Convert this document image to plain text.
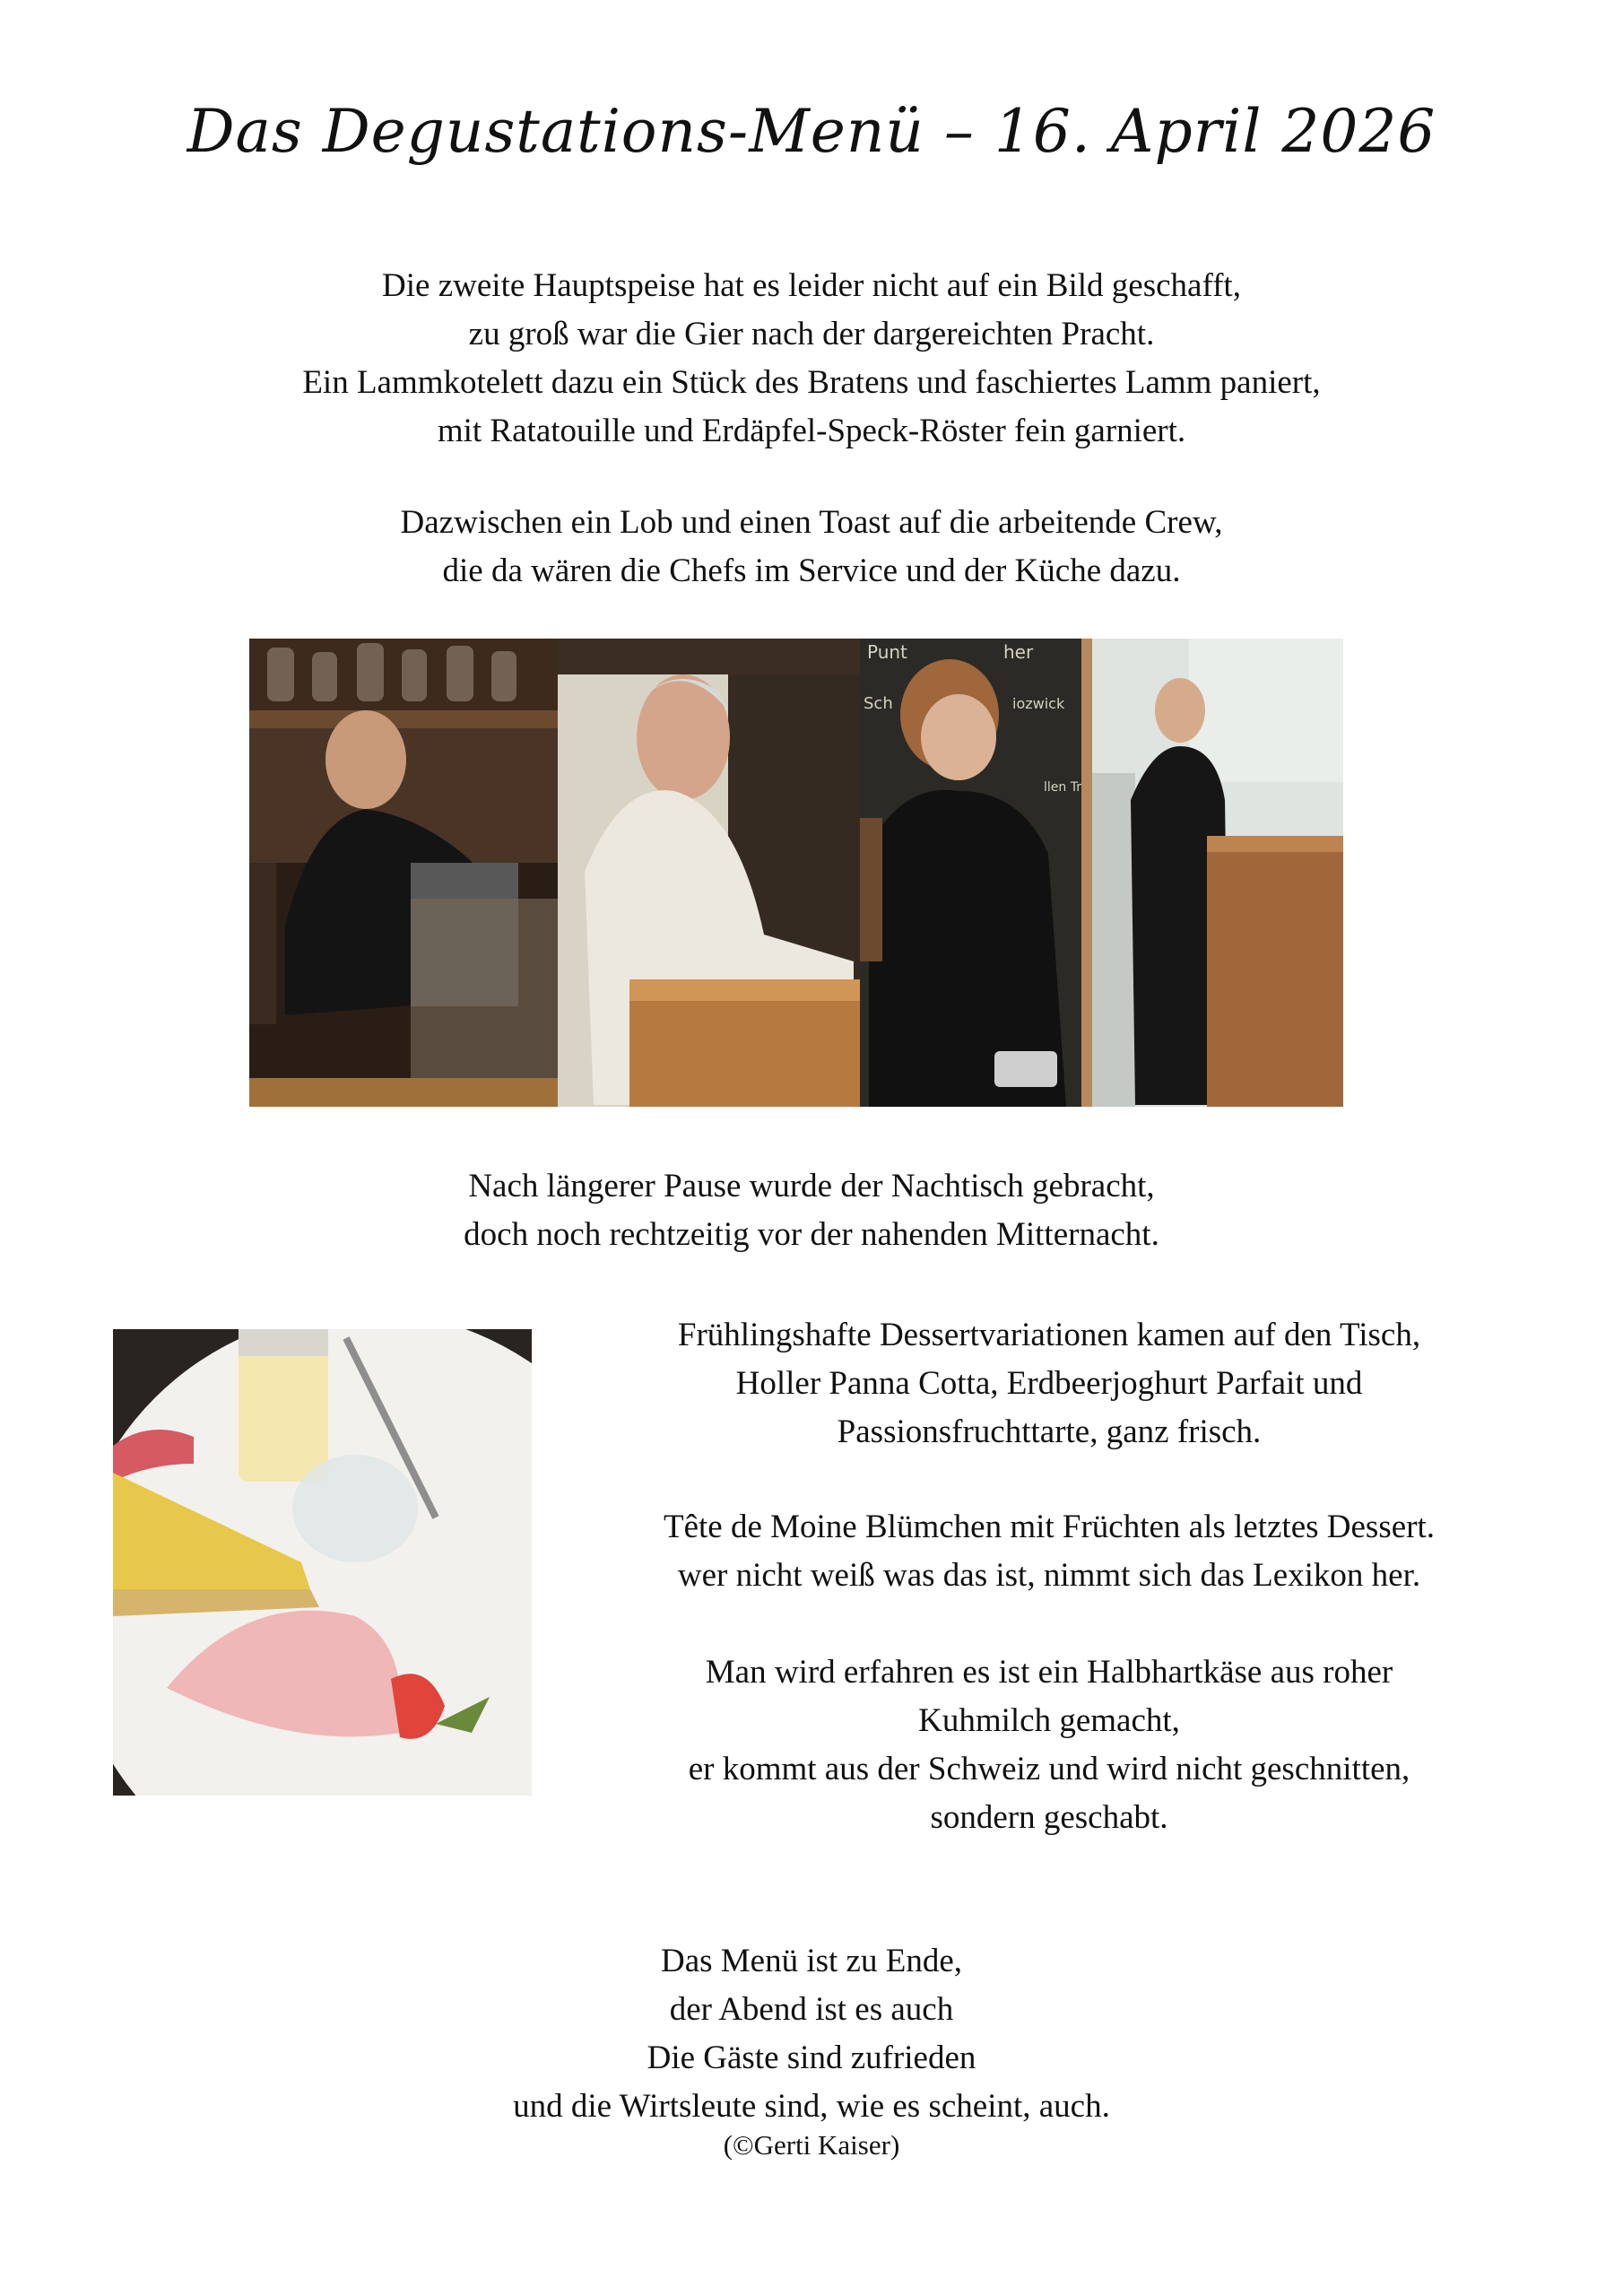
Das Degustations-Menü – 16. April 2026
Die zweite Hauptspeise hat es leider nicht auf ein Bild geschafft,
zu groß war die Gier nach der dargereichten Pracht.
Ein Lammkotelett dazu ein Stück des Bratens und faschiertes Lamm paniert,
mit Ratatouille und Erdäpfel-Speck-Röster fein garniert.
Dazwischen ein Lob und einen Toast auf die arbeitende Crew,
die da wären die Chefs im Service und der Küche dazu.
Punt	her
Sch	iozwick
llen Tr
Nach längerer Pause wurde der Nachtisch gebracht,
doch noch rechtzeitig vor der nahenden Mitternacht.
Frühlingshafte Dessertvariationen kamen auf den Tisch,
Holler Panna Cotta, Erdbeerjoghurt Parfait und
Passionsfruchttarte, ganz frisch.
Tête de Moine Blümchen mit Früchten als letztes Dessert.
wer nicht weiß was das ist, nimmt sich das Lexikon her.
Man wird erfahren es ist ein Halbhartkäse aus roher
Kuhmilch gemacht,
er kommt aus der Schweiz und wird nicht geschnitten,
sondern geschabt.
Das Menü ist zu Ende,
der Abend ist es auch
Die Gäste sind zufrieden
und die Wirtsleute sind, wie es scheint, auch.
(©Gerti Kaiser)
